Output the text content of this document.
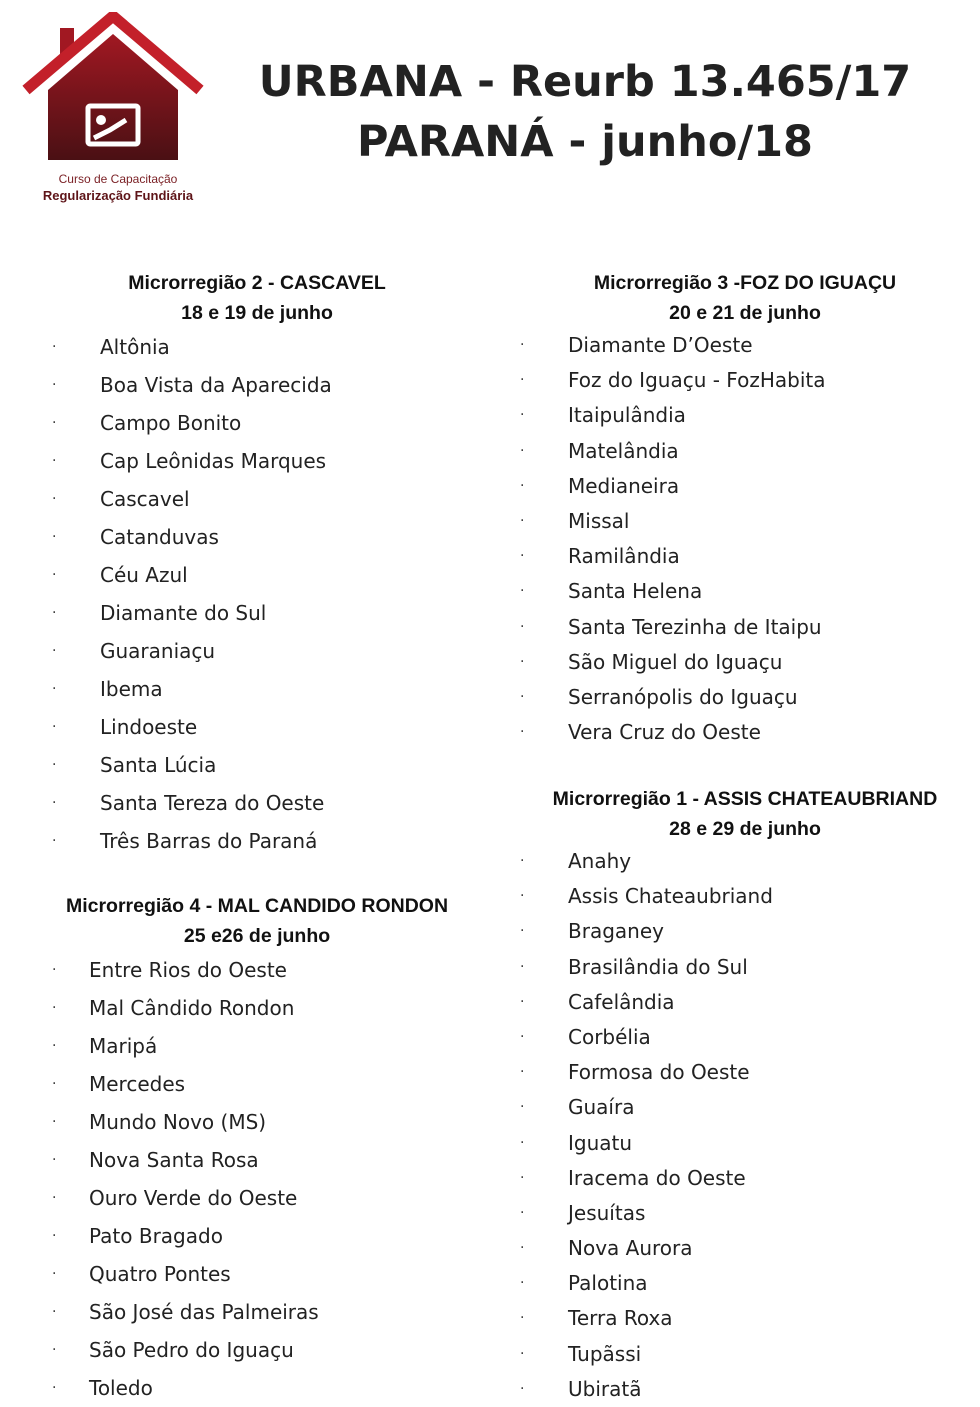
Curso de Capacitação
Regularização Fundiária
URBANA - Reurb 13.465/17
PARANÁ - junho/18
Microrregião 2 - CASCAVEL
18 e 19 de junho
· Altônia
· Boa Vista da Aparecida
· Campo Bonito
· Cap Leônidas Marques
· Cascavel
· Catanduvas
· Céu Azul
· Diamante do Sul
· Guaraniaçu
· Ibema
· Lindoeste
· Santa Lúcia
· Santa Tereza do Oeste
· Três Barras do Paraná
Microrregião 4 - MAL CANDIDO RONDON
25 e26 de junho
· Entre Rios do Oeste
· Mal Cândido Rondon
· Maripá
· Mercedes
· Mundo Novo (MS)
· Nova Santa Rosa
· Ouro Verde do Oeste
· Pato Bragado
· Quatro Pontes
· São José das Palmeiras
· São Pedro do Iguaçu
· Toledo
Microrregião 3 -FOZ DO IGUAÇU
20 e 21 de junho
· Diamante D’Oeste
· Foz do Iguaçu - FozHabita
· Itaipulândia
· Matelândia
· Medianeira
· Missal
· Ramilândia
· Santa Helena
· Santa Terezinha de Itaipu
· São Miguel do Iguaçu
· Serranópolis do Iguaçu
· Vera Cruz do Oeste
Microrregião 1 - ASSIS CHATEAUBRIAND
28 e 29 de junho
· Anahy
· Assis Chateaubriand
· Braganey
· Brasilândia do Sul
· Cafelândia
· Corbélia
· Formosa do Oeste
· Guaíra
· Iguatu
· Iracema do Oeste
· Jesuítas
· Nova Aurora
· Palotina
· Terra Roxa
· Tupãssi
· Ubiratã
